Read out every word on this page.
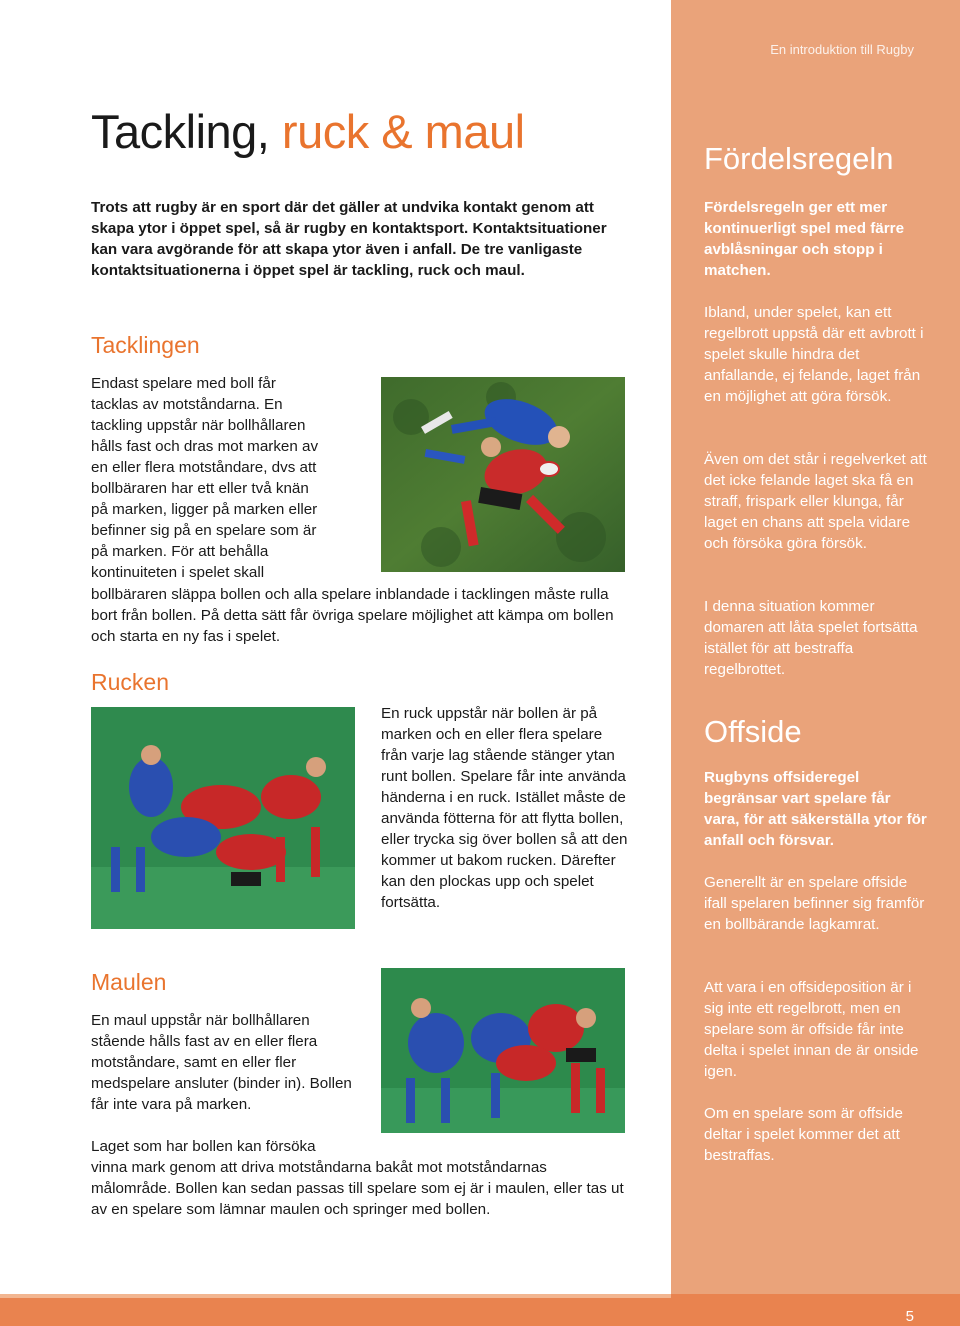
5
En introduktion till Rugby
Tackling, ruck & maul

Trots att rugby är en sport där det gäller at undvika kontakt genom att skapa ytor i öppet spel, så är rugby en kontaktsport. Kontaktsituationer kan vara avgörande för att skapa ytor även i anfall. De tre vanligaste kontaktsituationerna i öppet spel är tackling, ruck och maul.

Tacklingen
Endast spelare med boll får
tacklas av motståndarna. En
tackling uppstår när bollhållaren
hålls fast och dras mot marken av
en eller flera motståndare, dvs att
bollbäraren har ett eller två knän
på marken, ligger på marken eller
befinner sig på en spelare som är
på marken. För att behålla
kontinuiteten i spelet skall

bollbäraren släppa bollen och alla spelare inblandade i tacklingen måste rulla bort från bollen. På detta sätt får övriga spelare möjlighet att kämpa om bollen och starta en ny fas i spelet.

Rucken

En ruck uppstår när bollen är på marken och en eller flera spelare från varje lag stående stänger ytan runt bollen. Spelare får inte använda händerna i en ruck. Istället måste de använda fötterna för att flytta bollen, eller trycka sig över bollen så att den kommer ut bakom rucken. Därefter kan den plockas upp och spelet fortsätta.

Maulen

En maul uppstår när bollhållaren stående hålls fast av en eller flera motståndare, samt en eller fler medspelare ansluter (binder in). Bollen får inte vara på marken.

Laget som har bollen kan försöka

vinna mark genom att driva motståndarna bakåt mot motståndarnas målområde. Bollen kan sedan passas till spelare som ej är i maulen, eller tas ut av en spelare som lämnar maulen och springer med bollen.

Fördelsregeln

Fördelsregeln ger ett mer kontinuerligt spel med färre avblåsningar och stopp i matchen.

Ibland, under spelet, kan ett regelbrott uppstå där ett avbrott i spelet skulle hindra det anfallande, ej felande, laget från en möjlighet att göra försök.

Även om det står i regelverket att det icke felande laget ska få en straff, frispark eller klunga, får laget en chans att spela vidare och försöka göra försök.

I denna situation kommer domaren att låta spelet fortsätta istället för att bestraffa regelbrottet.

Offside

Rugbyns offsideregel begränsar vart spelare får vara, för att säkerställa ytor för anfall och försvar.

Generellt är en spelare offside ifall spelaren befinner sig framför en bollbärande lagkamrat.

Att vara i en offsideposition är i sig inte ett regelbrott, men en spelare som är offside får inte delta i spelet innan de är onside igen.

Om en spelare som är offside deltar i spelet kommer det att bestraffas.
